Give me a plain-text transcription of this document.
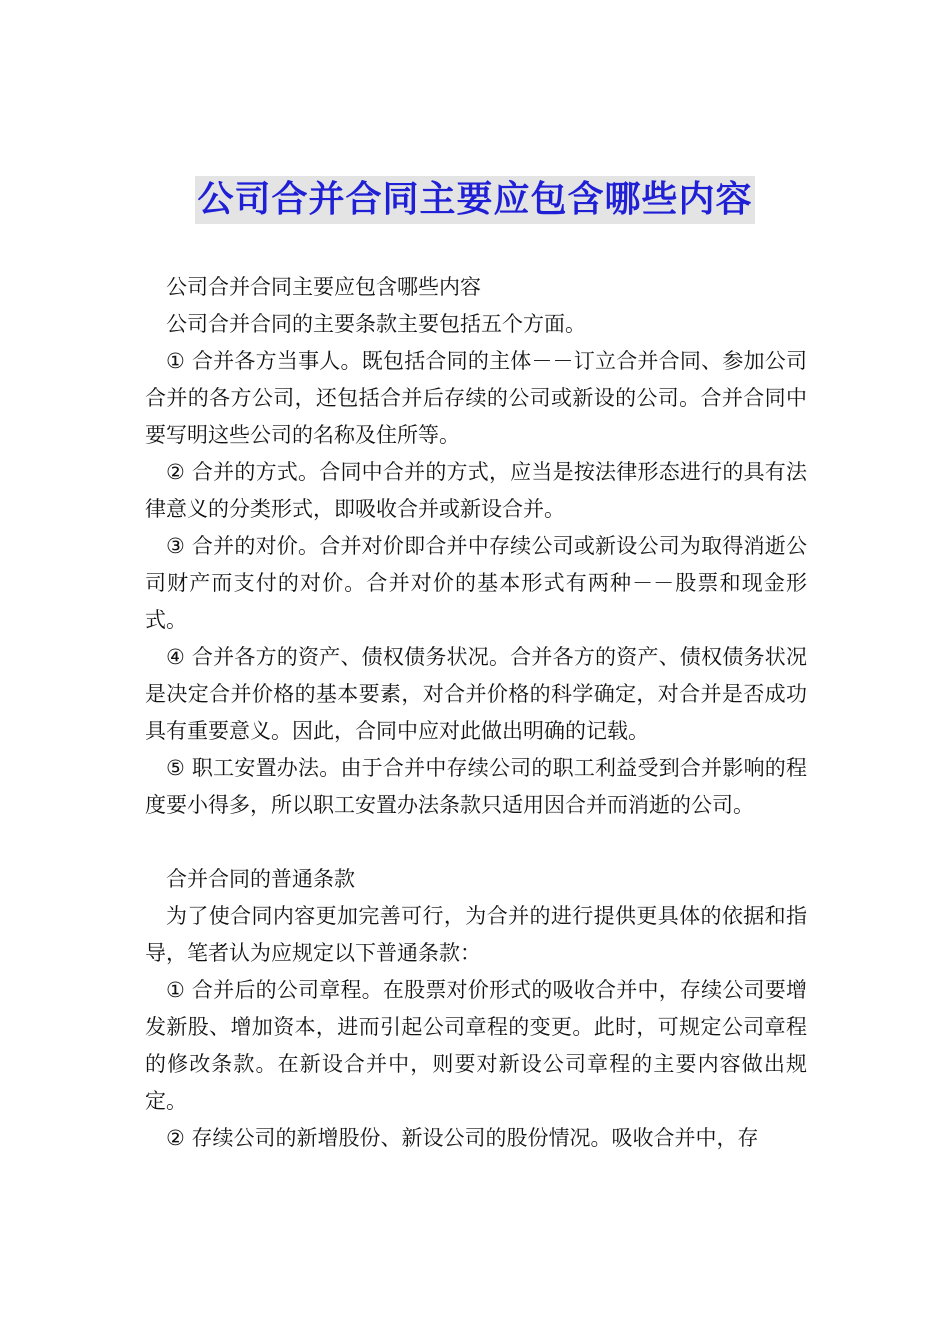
公司合并合同主要应包含哪些内容

公司合并合同主要应包含哪些内容

公司合并合同的主要条款主要包括五个方面。

① 合并各方当事人。既包括合同的主体－－订立合并合同、参加公司合并的各方公司，还包括合并后存续的公司或新设的公司。合并合同中要写明这些公司的名称及住所等。

② 合并的方式。合同中合并的方式，应当是按法律形态进行的具有法律意义的分类形式，即吸收合并或新设合并。

③ 合并的对价。合并对价即合并中存续公司或新设公司为取得消逝公司财产而支付的对价。合并对价的基本形式有两种－－股票和现金形式。

④ 合并各方的资产、债权债务状况。合并各方的资产、债权债务状况是决定合并价格的基本要素，对合并价格的科学确定，对合并是否成功具有重要意义。因此，合同中应对此做出明确的记载。

⑤ 职工安置办法。由于合并中存续公司的职工利益受到合并影响的程度要小得多，所以职工安置办法条款只适用因合并而消逝的公司。

合并合同的普通条款

为了使合同内容更加完善可行，为合并的进行提供更具体的依据和指导，笔者认为应规定以下普通条款：

① 合并后的公司章程。在股票对价形式的吸收合并中，存续公司要增发新股、增加资本，进而引起公司章程的变更。此时，可规定公司章程的修改条款。在新设合并中，则要对新设公司章程的主要内容做出规定。

② 存续公司的新增股份、新设公司的股份情况。吸收合并中，存
